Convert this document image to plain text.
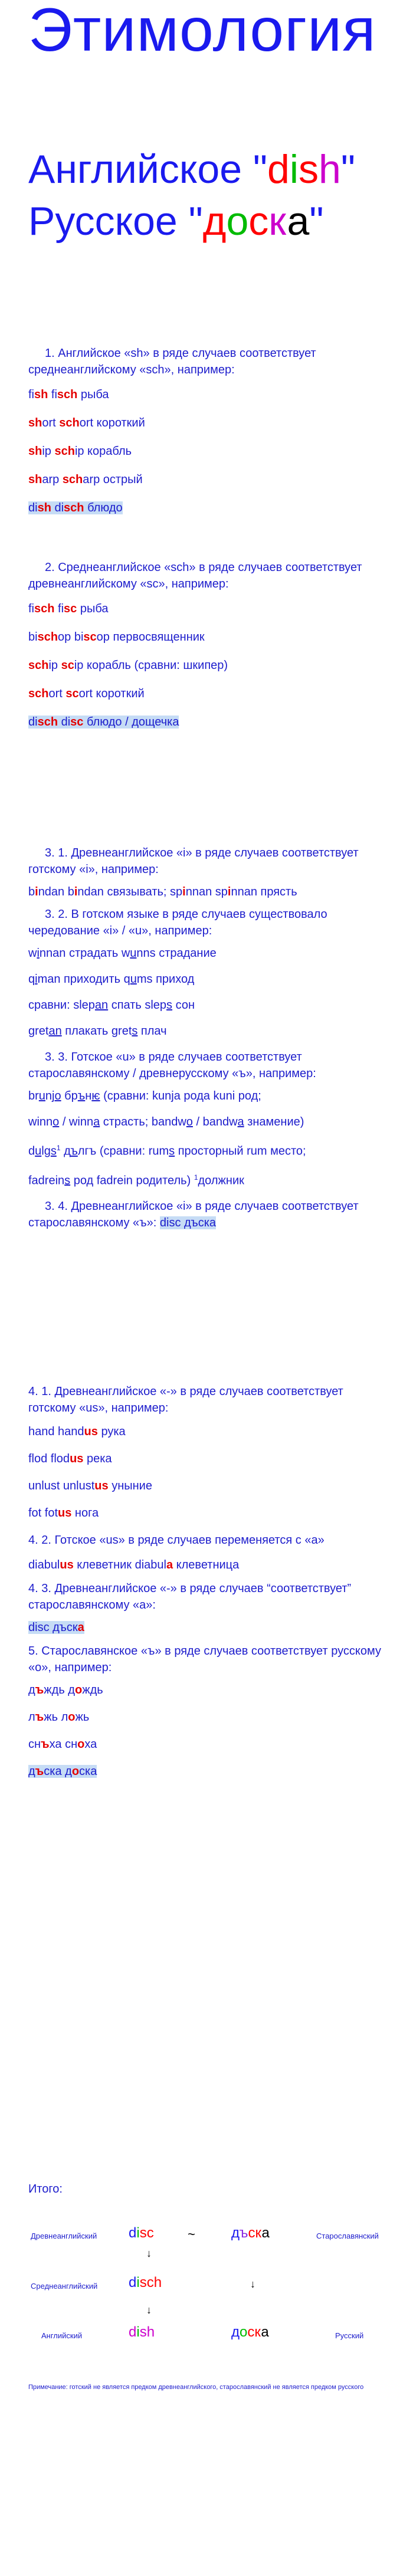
Этимология
Английское "dish"
Русское "доска"

1. Английское «sh» в ряде случаев соответствует среднеанглийскому «sch», например:

fish fisch рыба

short schort короткий

ship schip корабль

sharp scharp острый

dish disch блюдо

2. Среднеанглийское «sch» в ряде случаев соответствует древнеанглийскому «sc», например:

fisch fisc рыба

bischop biscop первосвященник

schip scip корабль (сравни: шкипер)

schort scort короткий

disch disc блюдо / дощечка

3. 1. Древнеанглийское «i» в ряде случаев соответствует готскому «i», например:

bindan bindan связывать; spinnan spinnan прясть

3. 2. В готском языке в ряде случаев существовало чередование «i» / «u», например:

winnan страдать wunns страдание

qiman приходить qums приход

сравни: slepan спать sleps сон

gretan плакать grets плач

3. 3. Готское «u» в ряде случаев соответствует старославянскому / древнерусскому «ъ», например:

brunjo брънѥ (сравни: kunja рода kuni род;

winno / winna страсть; bandwo / bandwa знамение)

dulgs$^1$ дългъ (сравни: rums просторный rum место;

fadreins род fadrein родитель) $^1$должник

3. 4. Древнеанглийское «i» в ряде случаев соответствует старославянскому «ъ»: disc дъска

4. 1. Древнеанглийское «-» в ряде случаев соответствует готскому «us», например:

hand handus рука

flod flodus река

unlust unlustus уныние

fot fotus нога

4. 2. Готское «us» в ряде случаев переменяется с «a»

diabulus клеветник diabula клеветница

4. 3. Древнеанглийское «-» в ряде случаев “соответствует” старославянскому «а»:

disc дъска

5. Старославянское «ъ» в ряде случаев соответствует русскому «о», например:

дъждь дождь

лъжь ложь

снъха сноха

дъска доска

Итого:
Древнеанглийский disc	~	дъска	Старославянский
↓
Среднеанглийский disch	↓
↓
Английский	dish	доска	Русский
Примечание: готский не является предком древнеанглийского, старославянский не является предком русского
